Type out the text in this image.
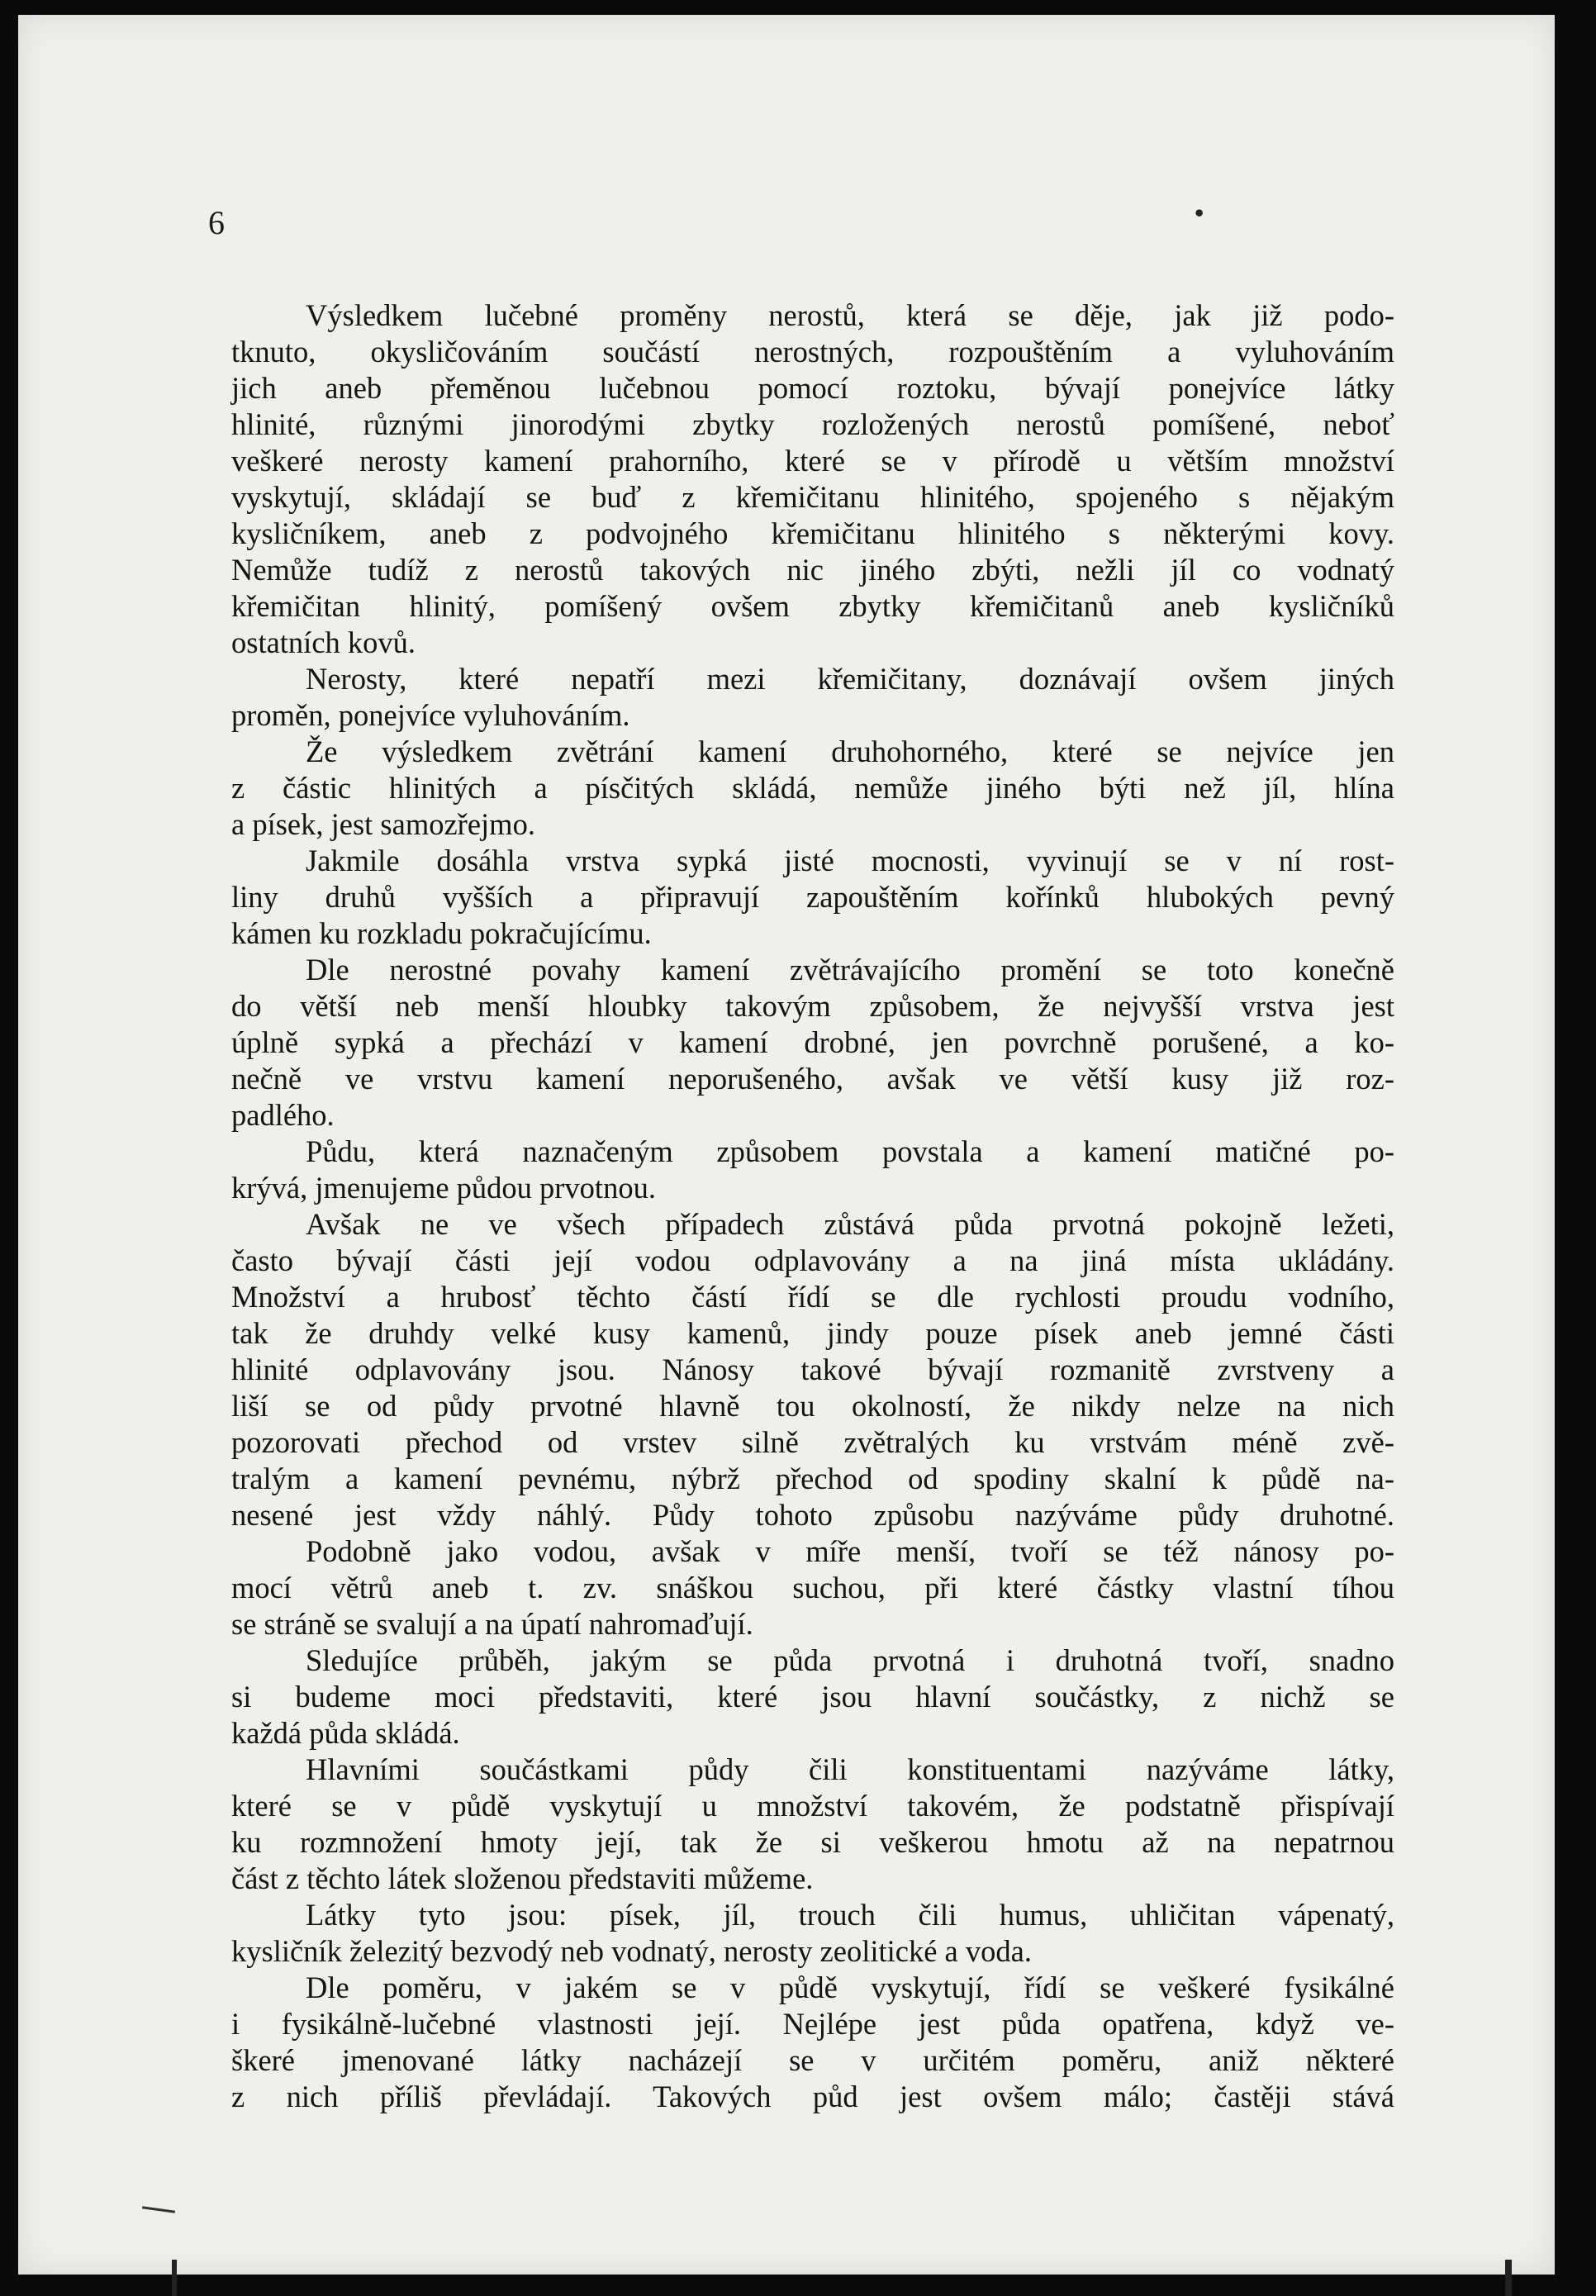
6	•
Výsledkem lučebné proměny nerostů, která se děje, jak již podo-
tknuto, okysličováním součástí nerostných, rozpouštěním a vyluhováním
jich aneb přeměnou lučebnou pomocí roztoku, bývají ponejvíce látky
hlinité, různými jinorodými zbytky rozložených nerostů pomíšené, neboť
veškeré nerosty kamení prahorního, které se v přírodě u větším množství
vyskytují, skládají se buď z křemičitanu hlinitého, spojeného s nějakým
kysličníkem, aneb z podvojného křemičitanu hlinitého s některými kovy.
Nemůže tudíž z nerostů takových nic jiného zbýti, nežli jíl co vodnatý
křemičitan hlinitý, pomíšený ovšem zbytky křemičitanů aneb kysličníků
ostatních kovů.
Nerosty, které nepatří mezi křemičitany, doznávají ovšem jiných
proměn, ponejvíce vyluhováním.
Že výsledkem zvětrání kamení druhohorného, které se nejvíce jen
z částic hlinitých a písčitých skládá, nemůže jiného býti než jíl, hlína
a písek, jest samozřejmo.
Jakmile dosáhla vrstva sypká jisté mocnosti, vyvinují se v ní rost-
liny druhů vyšších a připravují zapouštěním kořínků hlubokých pevný
kámen ku rozkladu pokračujícímu.
Dle nerostné povahy kamení zvětrávajícího promění se toto konečně
do větší neb menší hloubky takovým způsobem, že nejvyšší vrstva jest
úplně sypká a přechází v kamení drobné, jen povrchně porušené, a ko-
nečně ve vrstvu kamení neporušeného, avšak ve větší kusy již roz-
padlého.
Půdu, která naznačeným způsobem povstala a kamení matičné po-
krývá, jmenujeme půdou prvotnou.
Avšak ne ve všech případech zůstává půda prvotná pokojně ležeti,
často bývají části její vodou odplavovány a na jiná místa ukládány.
Množství a hrubosť těchto částí řídí se dle rychlosti proudu vodního,
tak že druhdy velké kusy kamenů, jindy pouze písek aneb jemné části
hlinité odplavovány jsou. Nánosy takové bývají rozmanitě zvrstveny a
liší se od půdy prvotné hlavně tou okolností, že nikdy nelze na nich
pozorovati přechod od vrstev silně zvětralých ku vrstvám méně zvě-
tralým a kamení pevnému, nýbrž přechod od spodiny skalní k půdě na-
nesené jest vždy náhlý. Půdy tohoto způsobu nazýváme půdy druhotné.
Podobně jako vodou, avšak v míře menší, tvoří se též nánosy po-
mocí větrů aneb t. zv. snáškou suchou, při které částky vlastní tíhou
se stráně se svalují a na úpatí nahromaďují.
Sledujíce průběh, jakým se půda prvotná i druhotná tvoří, snadno
si budeme moci představiti, které jsou hlavní součástky, z nichž se
každá půda skládá.
Hlavními součástkami půdy čili konstituentami nazýváme látky,
které se v půdě vyskytují u množství takovém, že podstatně přispívají
ku rozmnožení hmoty její, tak že si veškerou hmotu až na nepatrnou
část z těchto látek složenou představiti můžeme.
Látky tyto jsou: písek, jíl, trouch čili humus, uhličitan vápenatý,
kysličník železitý bezvodý neb vodnatý, nerosty zeolitické a voda.
Dle poměru, v jakém se v půdě vyskytují, řídí se veškeré fysikálné
i fysikálně-lučebné vlastnosti její. Nejlépe jest půda opatřena, když ve-
škeré jmenované látky nacházejí se v určitém poměru, aniž některé
z nich příliš převládají. Takových půd jest ovšem málo; častěji stává
